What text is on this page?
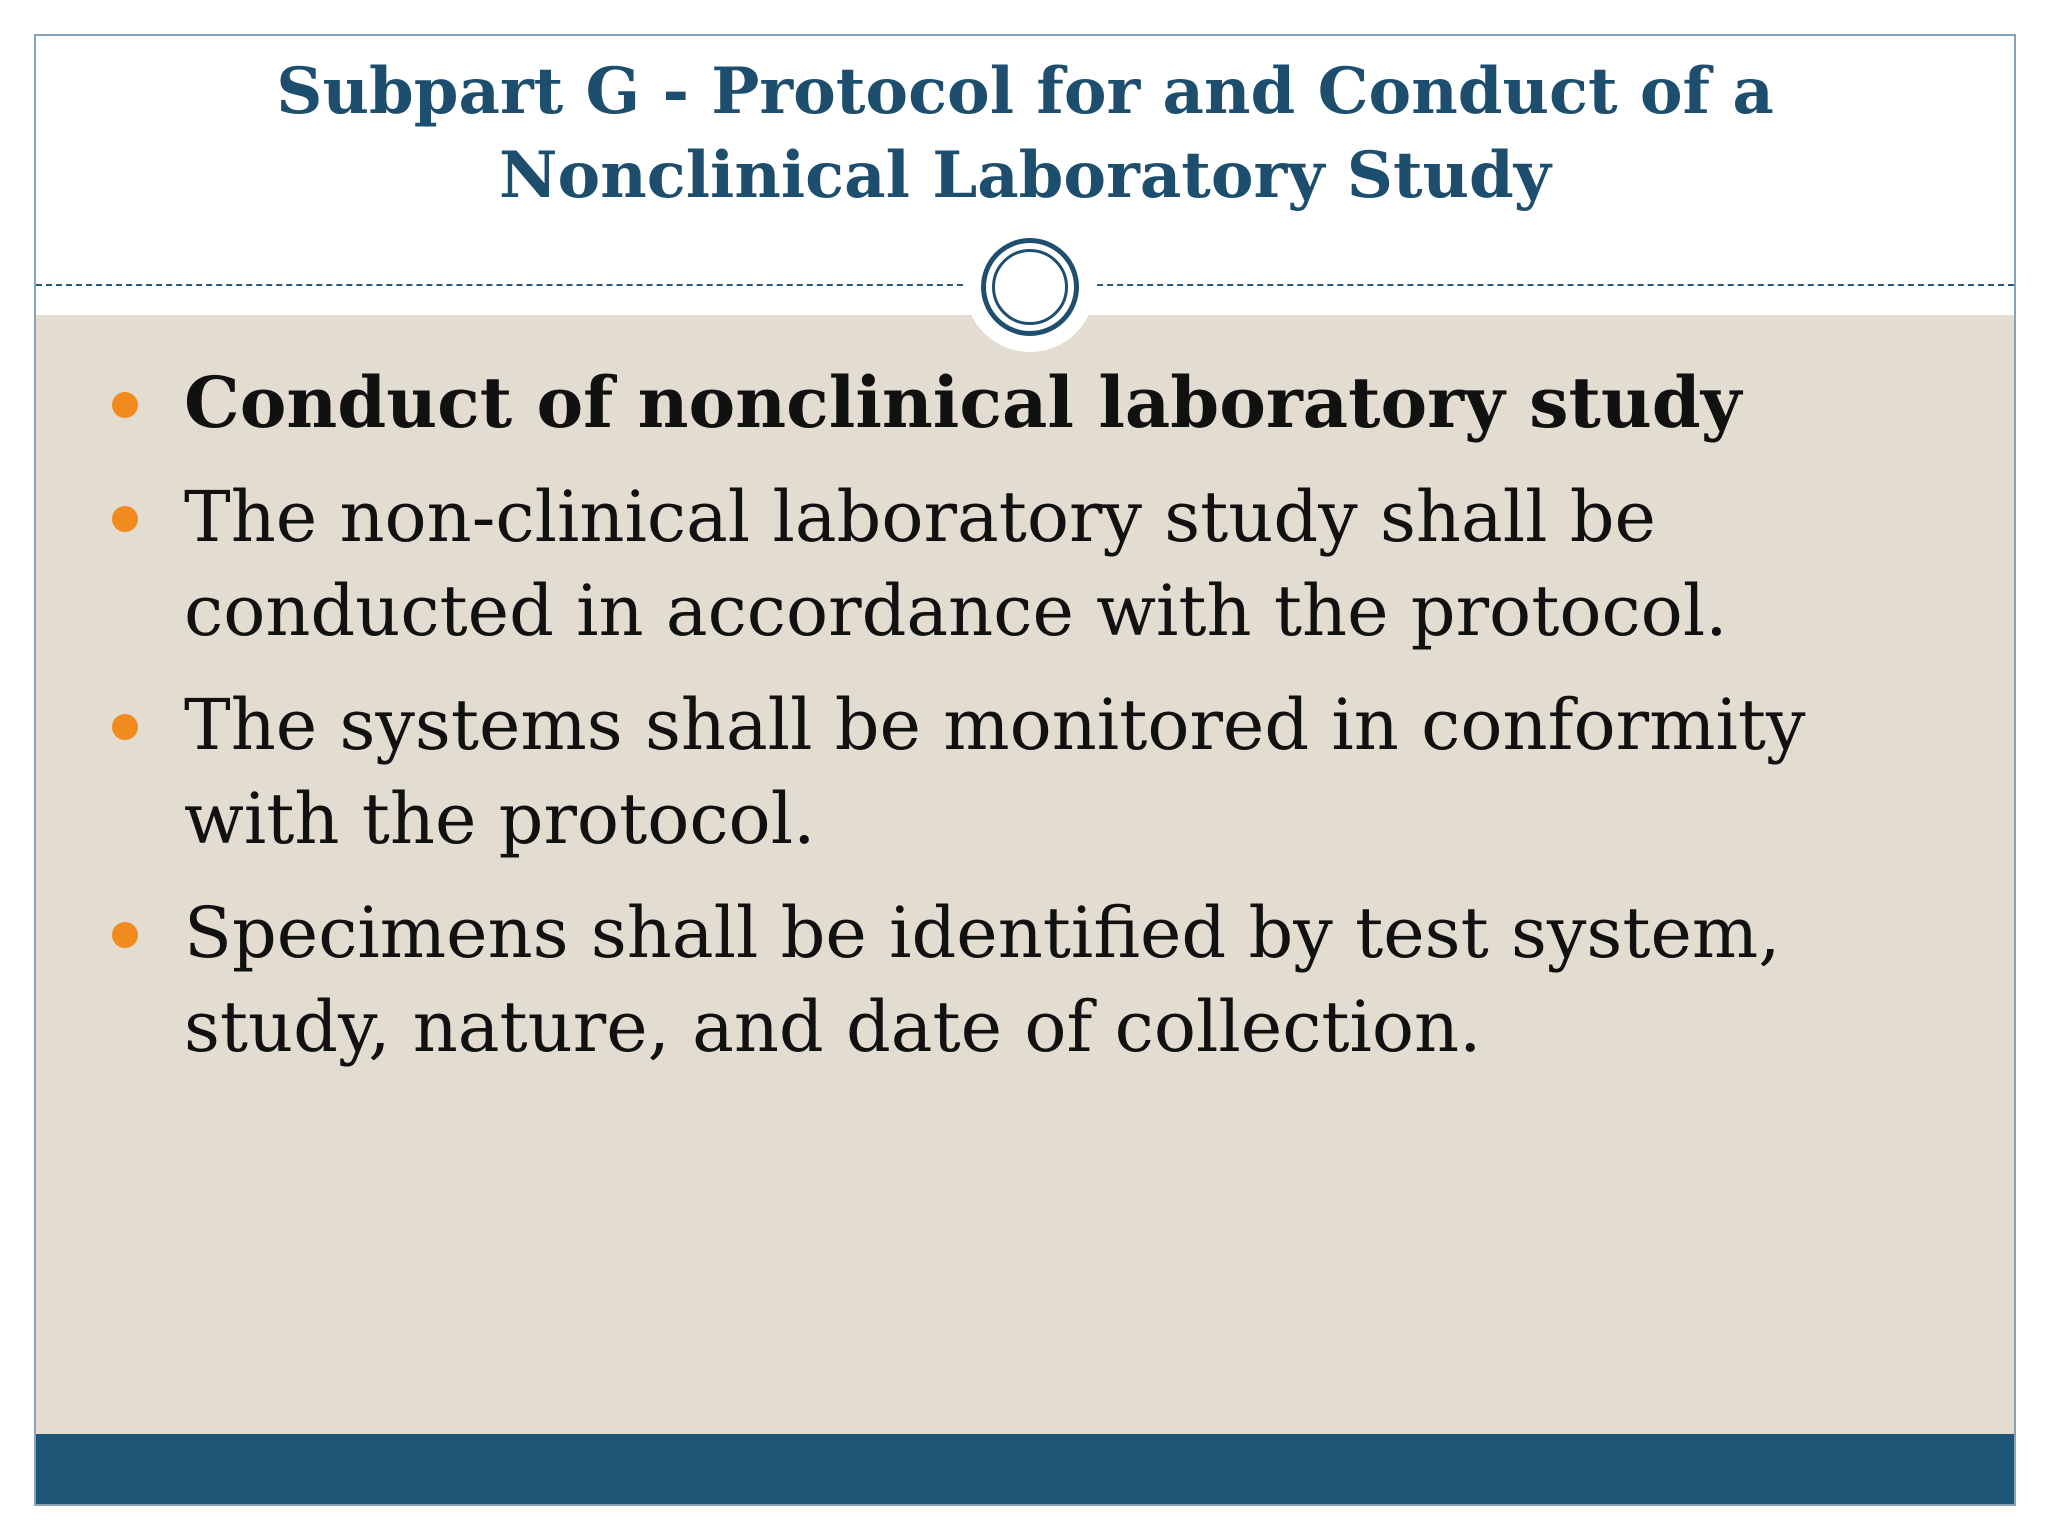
Subpart G - Protocol for and Conduct of a Nonclinical Laboratory Study
Conduct of nonclinical laboratory study
The non-clinical laboratory study shall be conducted in accordance with the protocol.
The systems shall be monitored in conformity with the protocol.
Specimens shall be identified by test system, study, nature, and date of collection.
